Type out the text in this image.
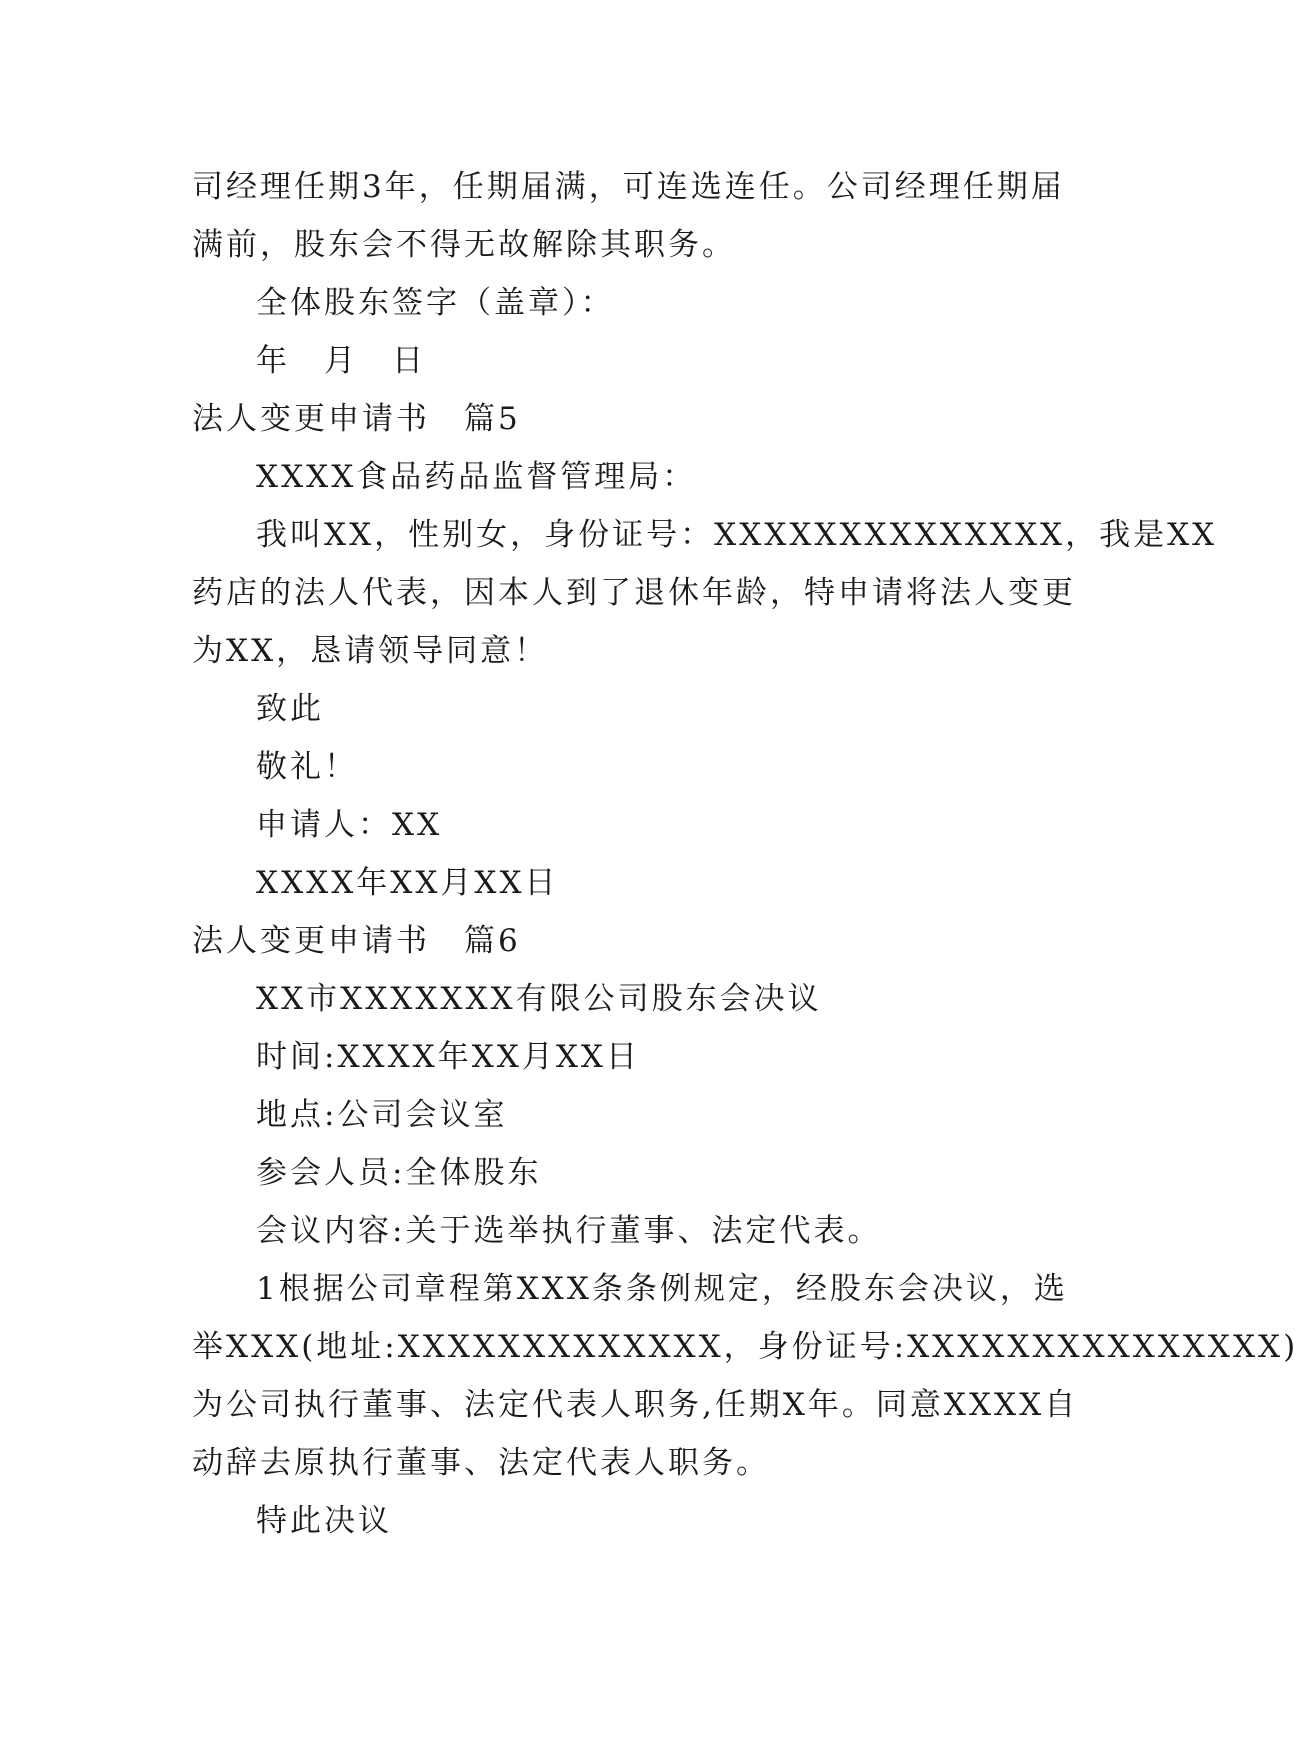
司经理任期3年，任期届满，可连选连任。公司经理任期届
满前，股东会不得无故解除其职务。
全体股东签字（盖章）：
年　月　日
法人变更申请书　篇5
XXXX食品药品监督管理局：
我叫XX，性别女，身份证号：XXXXXXXXXXXXXX，我是XX
药店的法人代表，因本人到了退休年龄，特申请将法人变更
为XX，恳请领导同意！
致此
敬礼！
申请人：XX
XXXX年XX月XX日
法人变更申请书　篇6
XX市XXXXXXX有限公司股东会决议
时间:XXXX年XX月XX日
地点:公司会议室
参会人员:全体股东
会议内容:关于选举执行董事、法定代表。
1根据公司章程第XXX条条例规定，经股东会决议，选
举XXX(地址:XXXXXXXXXXXXX，身份证号:XXXXXXXXXXXXXXX)
为公司执行董事、法定代表人职务,任期X年。同意XXXX自
动辞去原执行董事、法定代表人职务。
特此决议
